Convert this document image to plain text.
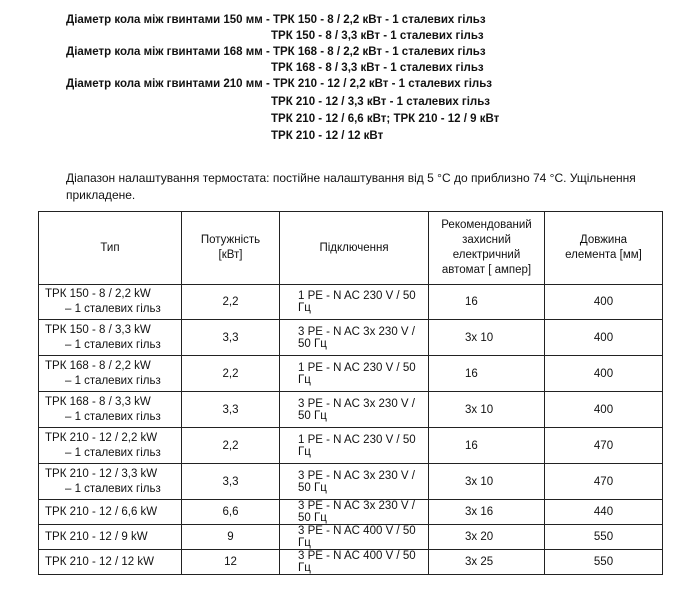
Діаметр кола між гвинтами 150 мм - ТРК 150 - 8 / 2,2 кВт - 1 сталевих гільз
ТРК 150 - 8 / 3,3 кВт - 1 сталевих гільз
Діаметр кола між гвинтами 168 мм - ТРК 168 - 8 / 2,2 кВт - 1 сталевих гільз
ТРК 168 - 8 / 3,3 кВт - 1 сталевих гільз
Діаметр кола між гвинтами 210 мм - ТРК 210 - 12 / 2,2 кВт - 1 сталевих гільз
ТРК 210 - 12 / 3,3 кВт - 1 сталевих гільз
ТРК 210 - 12 / 6,6 кВт; ТРК 210 - 12 / 9 кВт
ТРК 210 - 12 / 12 кВт
Діапазон налаштування термостата: постійне налаштування від 5 °C до приблизно 74 °C. Ущільнення прикладене.
Тип	Потужність
[кВт]	Підключення	Рекомендований
захисний
електричний
автомат [ ампер]	Довжина
елемента [мм]
ТРК 150 - 8 / 2,2 kW
– 1 сталевих гільз	2,2	1 PE - N AC 230 V / 50 Гц	16	400
ТРК 150 - 8 / 3,3 kW
– 1 сталевих гільз	3,3	3 PE - N AC 3x 230 V / 50 Гц	3x 10	400
ТРК 168 - 8 / 2,2 kW
– 1 сталевих гільз	2,2	1 PE - N AC 230 V / 50 Гц	16	400
ТРК 168 - 8 / 3,3 kW
– 1 сталевих гільз	3,3	3 PE - N AC 3x 230 V / 50 Гц	3x 10	400
ТРК 210 - 12 / 2,2 kW
– 1 сталевих гільз	2,2	1 PE - N AC 230 V / 50 Гц	16	470
ТРК 210 - 12 / 3,3 kW
– 1 сталевих гільз	3,3	3 PE - N AC 3x 230 V / 50 Гц	3x 10	470
ТРК 210 - 12 / 6,6 kW	6,6	3 PE - N AC 3x 230 V / 50 Гц	3x 16	440
ТРК 210 - 12 / 9 kW	9	3 PE - N AC 400 V / 50 Гц	3x 20	550
ТРК 210 - 12 / 12 kW	12	3 PE - N AC 400 V / 50 Гц	3x 25	550
